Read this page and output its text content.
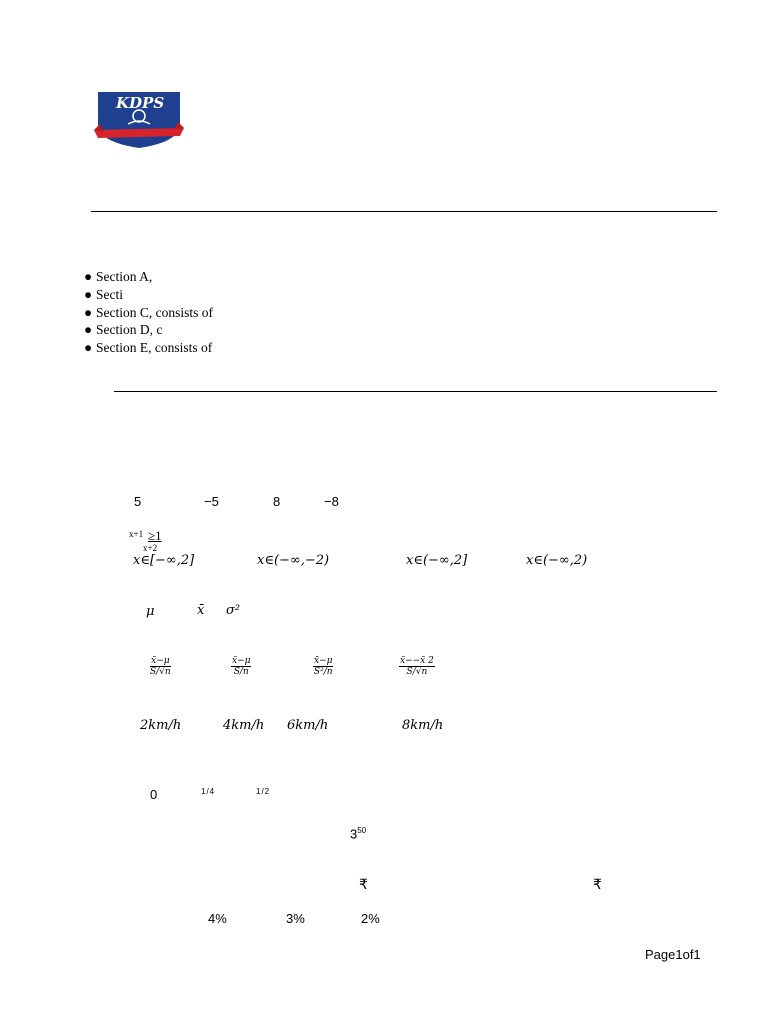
KDPS
● Section A,
● Secti
● Section C, consists of
● Section D, c
● Section E, consists of
5	−5	8	−8
x+1 ≥1
x+2
x∈[−∞,2]	x∈(−∞,−2)	x∈(−∞,2]	x∈(−∞,2)
μ	x̄ σ²
$\frac{x̄-\mu}{S/√n}$	$\frac{x̄-\mu}{S/n}$	$\frac{x̄-\mu}{\text{S²/n}}$	$\frac{x̄--x̄ 2}{S/√n}$
2km/h	4km/h 6km/h	8km/h
0	1/4	1/2
$3^{50}$
₹	₹
4%	3%	2%
Page1of1
